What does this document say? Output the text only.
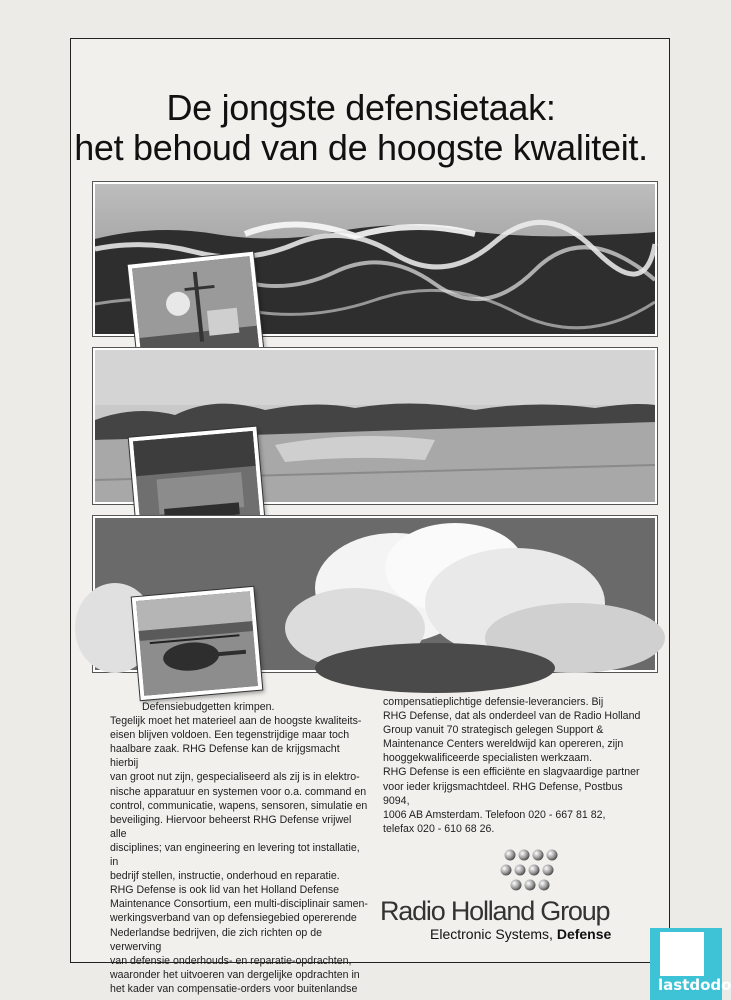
De jongste defensietaak:
het behoud van de hoogste kwaliteit.

Defensiebudgetten krimpen.

Tegelijk moet het materieel aan de hoogste kwaliteits-

eisen blijven voldoen. Een tegenstrijdige maar toch

haalbare zaak. RHG Defense kan de krijgsmacht hierbij

van groot nut zijn, gespecialiseerd als zij is in elektro-

nische apparatuur en systemen voor o.a. command en

control, communicatie, wapens, sensoren, simulatie en

beveiliging. Hiervoor beheerst RHG Defense vrijwel alle

disciplines; van engineering en levering tot installatie, in

bedrijf stellen, instructie, onderhoud en reparatie.

RHG Defense is ook lid van het Holland Defense

Maintenance Consortium, een multi-disciplinair samen-

werkingsverband van op defensiegebied opererende

Nederlandse bedrijven, die zich richten op de verwerving

van defensie onderhouds- en reparatie-opdrachten,

waaronder het uitvoeren van dergelijke opdrachten in

het kader van compensatie-orders voor buitenlandse

compensatieplichtige defensie-leveranciers. Bij

RHG Defense, dat als onderdeel van de Radio Holland

Group vanuit 70 strategisch gelegen Support &

Maintenance Centers wereldwijd kan opereren, zijn

hooggekwalificeerde specialisten werkzaam.

RHG Defense is een efficiënte en slagvaardige partner

voor ieder krijgsmachtdeel. RHG Defense, Postbus 9094,

1006 AB Amsterdam. Telefoon 020 - 667 81 82,

telefax 020 - 610 68 26.

Radio Holland Group
Electronic Systems, Defense
lastdodo
